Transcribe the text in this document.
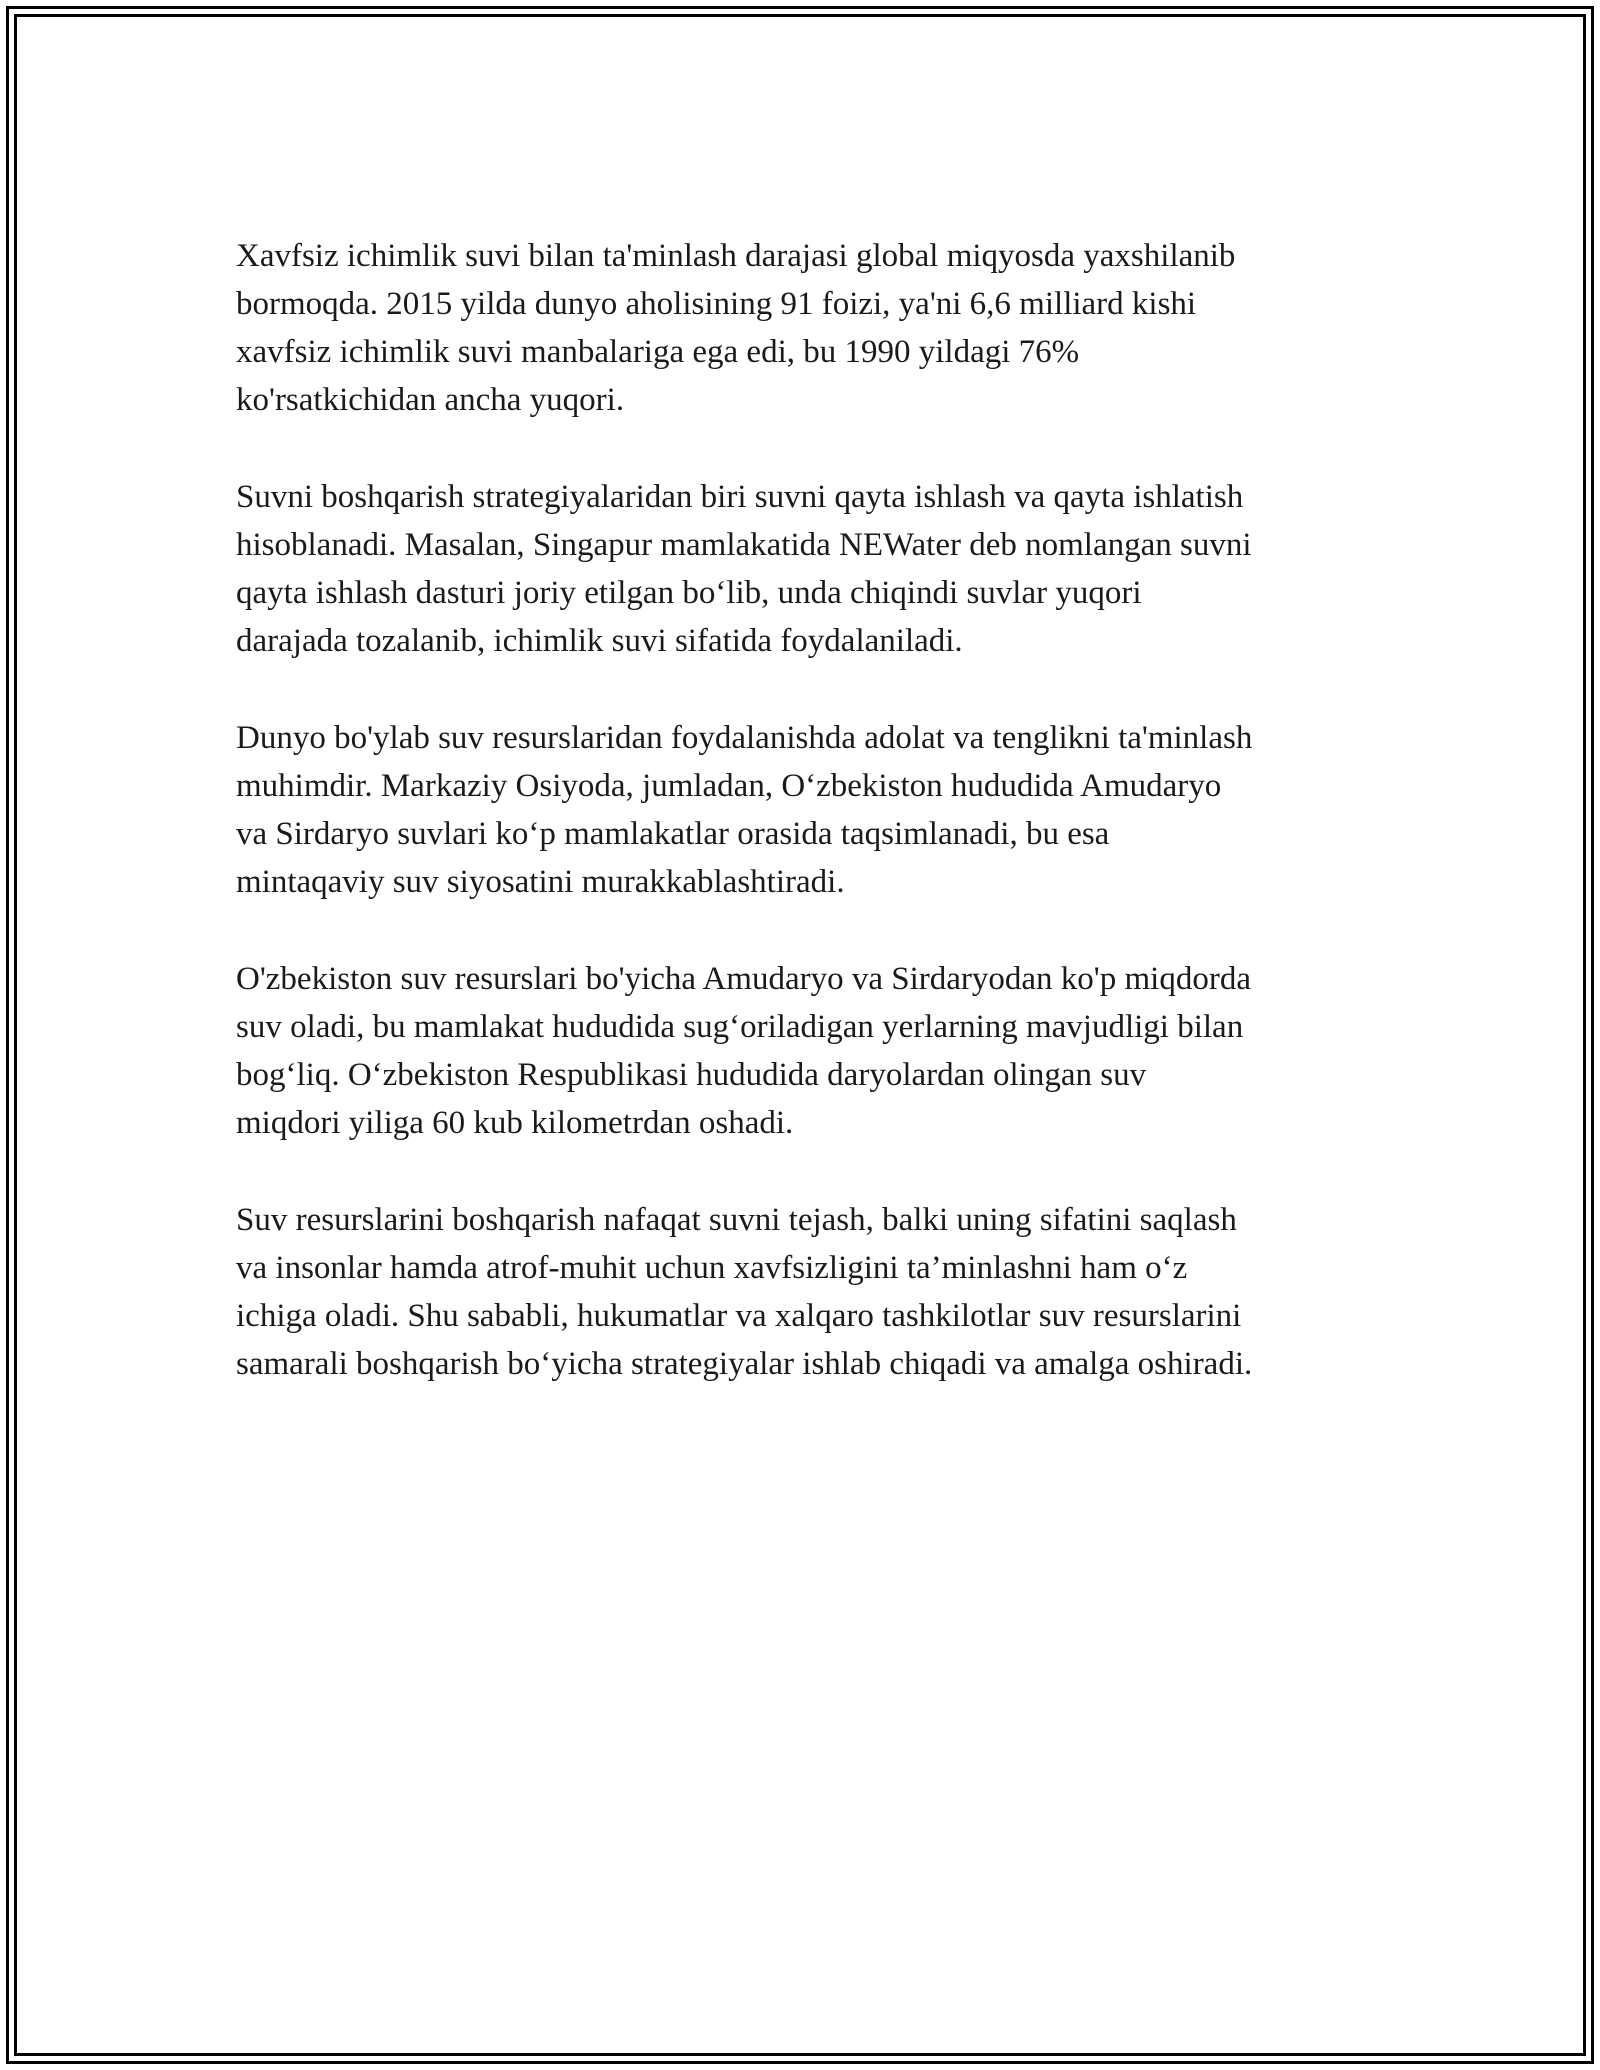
Xavfsiz ichimlik suvi bilan ta'minlash darajasi global miqyosda yaxshilanib
bormoqda. 2015 yilda dunyo aholisining 91 foizi, ya'ni 6,6 milliard kishi
xavfsiz ichimlik suvi manbalariga ega edi, bu 1990 yildagi 76%
ko'rsatkichidan ancha yuqori.

Suvni boshqarish strategiyalaridan biri suvni qayta ishlash va qayta ishlatish
hisoblanadi. Masalan, Singapur mamlakatida NEWater deb nomlangan suvni
qayta ishlash dasturi joriy etilgan bo‘lib, unda chiqindi suvlar yuqori
darajada tozalanib, ichimlik suvi sifatida foydalaniladi.

Dunyo bo'ylab suv resurslaridan foydalanishda adolat va tenglikni ta'minlash
muhimdir. Markaziy Osiyoda, jumladan, O‘zbekiston hududida Amudaryo
va Sirdaryo suvlari ko‘p mamlakatlar orasida taqsimlanadi, bu esa
mintaqaviy suv siyosatini murakkablashtiradi.

O'zbekiston suv resurslari bo'yicha Amudaryo va Sirdaryodan ko'p miqdorda
suv oladi, bu mamlakat hududida sug‘oriladigan yerlarning mavjudligi bilan
bog‘liq. O‘zbekiston Respublikasi hududida daryolardan olingan suv
miqdori yiliga 60 kub kilometrdan oshadi.

Suv resurslarini boshqarish nafaqat suvni tejash, balki uning sifatini saqlash
va insonlar hamda atrof-muhit uchun xavfsizligini ta’minlashni ham o‘z
ichiga oladi. Shu sababli, hukumatlar va xalqaro tashkilotlar suv resurslarini
samarali boshqarish bo‘yicha strategiyalar ishlab chiqadi va amalga oshiradi.
